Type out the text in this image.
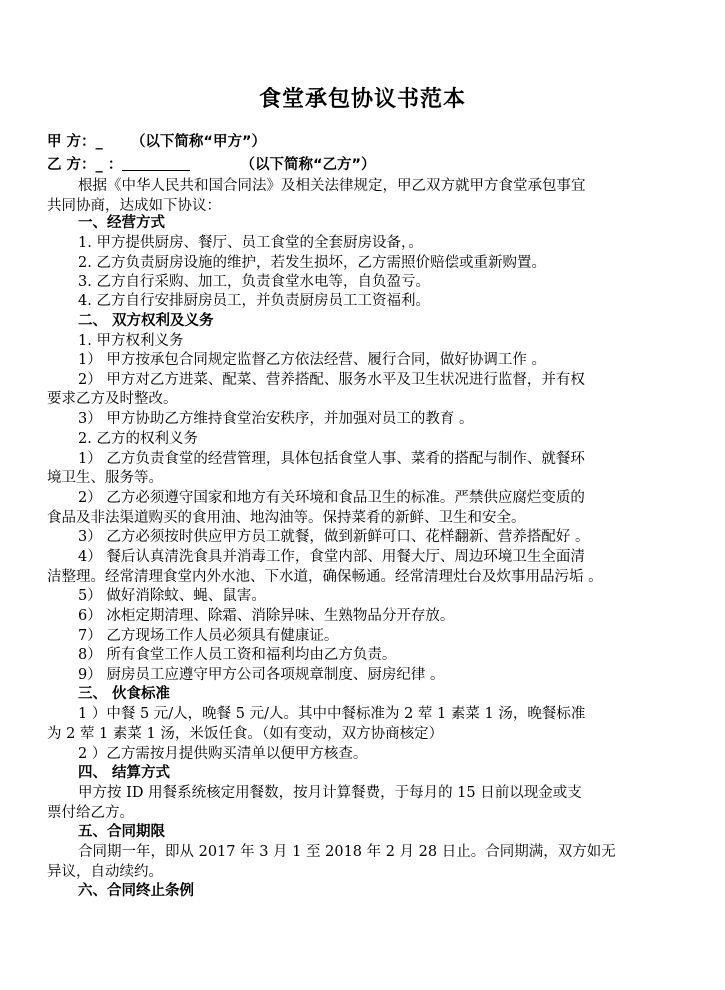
食堂承包协议书范本
甲 方：_ （以下简称“甲方”）
乙 方：_ ：	（以下简称“乙方”）
根据《中华人民共和国合同法》及相关法律规定，甲乙双方就甲方食堂承包事宜
共同协商，达成如下协议：
一、经营方式
1. 甲方提供厨房、餐厅、员工食堂的全套厨房设备，。
2. 乙方负责厨房设施的维护，若发生损坏，乙方需照价赔偿或重新购置。
3. 乙方自行采购、加工，负责食堂水电等，自负盈亏。
4. 乙方自行安排厨房员工，并负责厨房员工工资福利。
二、 双方权利及义务
1. 甲方权利义务
1） 甲方按承包合同规定监督乙方依法经营、履行合同，做好协调工作 。
2） 甲方对乙方进菜、配菜、营养搭配、服务水平及卫生状况进行监督，并有权
要求乙方及时整改。
3） 甲方协助乙方维持食堂治安秩序，并加强对员工的教育 。
2. 乙方的权利义务
1） 乙方负责食堂的经营管理，具体包括食堂人事、菜肴的搭配与制作、就餐环
境卫生、服务等。
2） 乙方必须遵守国家和地方有关环境和食品卫生的标准。严禁供应腐烂变质的
食品及非法渠道购买的食用油、地沟油等。保持菜肴的新鲜、卫生和安全。
3） 乙方必须按时供应甲方员工就餐，做到新鲜可口、花样翻新、营养搭配好 。
4） 餐后认真清洗食具并消毒工作，食堂内部、用餐大厅、周边环境卫生全面清
洁整理。经常清理食堂内外水池、下水道，确保畅通。经常清理灶台及炊事用品污垢 。
5） 做好消除蚊、蝇、鼠害。
6） 冰柜定期清理、除霜、消除异味、生熟物品分开存放。
7） 乙方现场工作人员必须具有健康证。
8） 所有食堂工作人员工资和福利均由乙方负责。
9） 厨房员工应遵守甲方公司各项规章制度、厨房纪律 。
三、 伙食标准
1 ）中餐 5 元/人，晚餐 5 元/人。其中中餐标准为 2 荤 1 素菜 1 汤，晚餐标准
为 2 荤 1 素菜 1 汤，米饭任食。（如有变动，双方协商核定）
2 ）乙方需按月提供购买清单以便甲方核查。
四、 结算方式
甲方按 ID 用餐系统核定用餐数，按月计算餐费，于每月的 15 日前以现金或支
票付给乙方。
五、合同期限
合同期一年，即从 2017 年 3 月 1 至 2018 年 2 月 28 日止。合同期满，双方如无
异议，自动续约。
六、合同终止条例
